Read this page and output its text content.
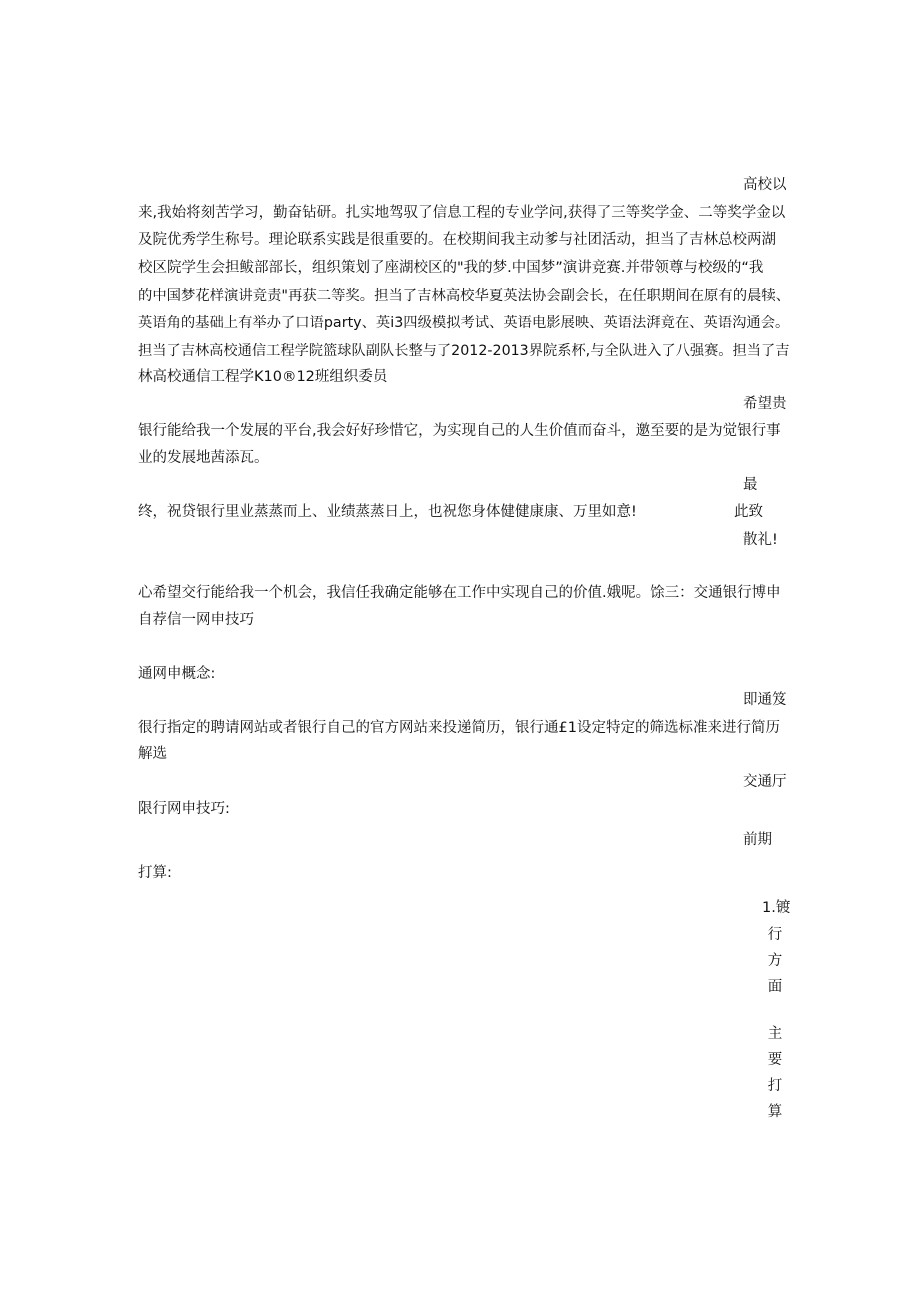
高校以
来,我始将刻苦学习，勤奋钻研。扎实地驾驭了信息工程的专业学问,获得了三等奖学金、二等奖学金以
及院优秀学生称号。理论联系实践是很重要的。在校期间我主动爹与社团活动，担当了吉林总校两湖
校区院学生会担鲅部部长，组织策划了座湖校区的"我的梦.中国梦”演讲竞赛.并带领尊与校级的“我
的中国梦花样演讲竞责"再获二等奖。担当了吉林高校华夏英法协会副会长，在任职期间在原有的晨犊、
英语角的基础上有举办了口语party、英i3四级模拟考试、英语电影展映、英语法湃竟在、英语沟通会。
担当了吉林高校通信工程学院篮球队副队长整与了2012-2013界院系杯,与全队进入了八强赛。担当了吉
林高校通信工程学K10®12班组织委员
希望贵
银行能给我一个发展的平台,我会好好珍惜它，为实现自己的人生价值而奋斗，邀至要的是为觉银行事
业的发展地茜添瓦。
最
终，祝贷银行里业蒸蒸而上、业绩蒸蒸日上，也祝您身体健健康康、万里如意!	此致
散礼!
心希望交行能给我一个机会，我信任我确定能够在工作中实现自己的价值.娥呢。馀三：交通银行博申
自荐信一网申技巧
通网申概念:
即通笈
很行指定的聘请网站或者银行自己的官方网站来投递简历，银行通£1设定特定的筛选标准来进行简历
解选
交通厅
限行网申技巧:
前期
打算:
1.镀
行
方
面
主
要
打
算
